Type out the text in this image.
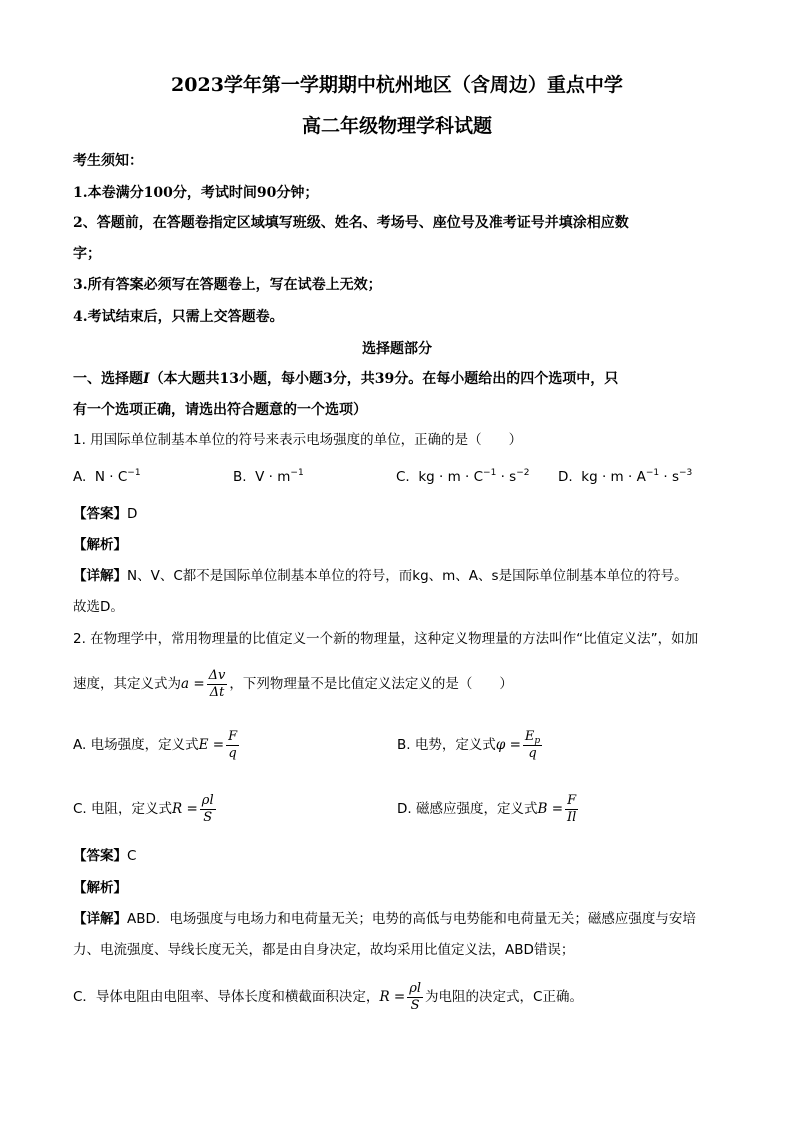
2023学年第一学期期中杭州地区（含周边）重点中学
高二年级物理学科试题
考生须知：
1.本卷满分100分，考试时间90分钟；
2、答题前，在答题卷指定区域填写班级、姓名、考场号、座位号及准考证号并填涂相应数
字；
3.所有答案必须写在答题卷上，写在试卷上无效；
4.考试结束后，只需上交答题卷。
选择题部分
一、选择题I（本大题共13小题，每小题3分，共39分。在每小题给出的四个选项中，只
有一个选项正确，请选出符合题意的一个选项）
1. 用国际单位制基本单位的符号来表示电场强度的单位，正确的是（　　）
A. $N \cdot C^{-1}$	B. $V \cdot m^{-1}$	C. kg · $m \cdot C^{-1} \cdot s^{-2}$ D. kg · $m \cdot A^{-1} \cdot s^{-3}$
【答案】D
【解析】
【详解】N、V、C都不是国际单位制基本单位的符号，而kg、m、A、s是国际单位制基本单位的符号。
故选D。
2. 在物理学中，常用物理量的比值定义一个新的物理量，这种定义物理量的方法叫作“比值定义法”，如加
速度，其定义式为$a = \frac{\Delta v}{\Delta t}$ ，下列物理量不是比值定义法定义的是（　　）
A. 电场强度，定义式$E = \frac{F}{q}$	B. 电势，定义式$\varphi = \frac{E_p}{q}$
C. 电阻，定义式$R = \frac{\rho l}{S}$	D. 磁感应强度，定义式$B = \frac{F}{Il}$
【答案】C
【解析】
【详解】ABD．电场强度与电场力和电荷量无关；电势的高低与电势能和电荷量无关；磁感应强度与安培
力、电流强度、导线长度无关，都是由自身决定，故均采用比值定义法，ABD错误；
C．导体电阻由电阻率、导体长度和横截面积决定，$R = \frac{\rho l}{S}$ 为电阻的决定式，C正确。
